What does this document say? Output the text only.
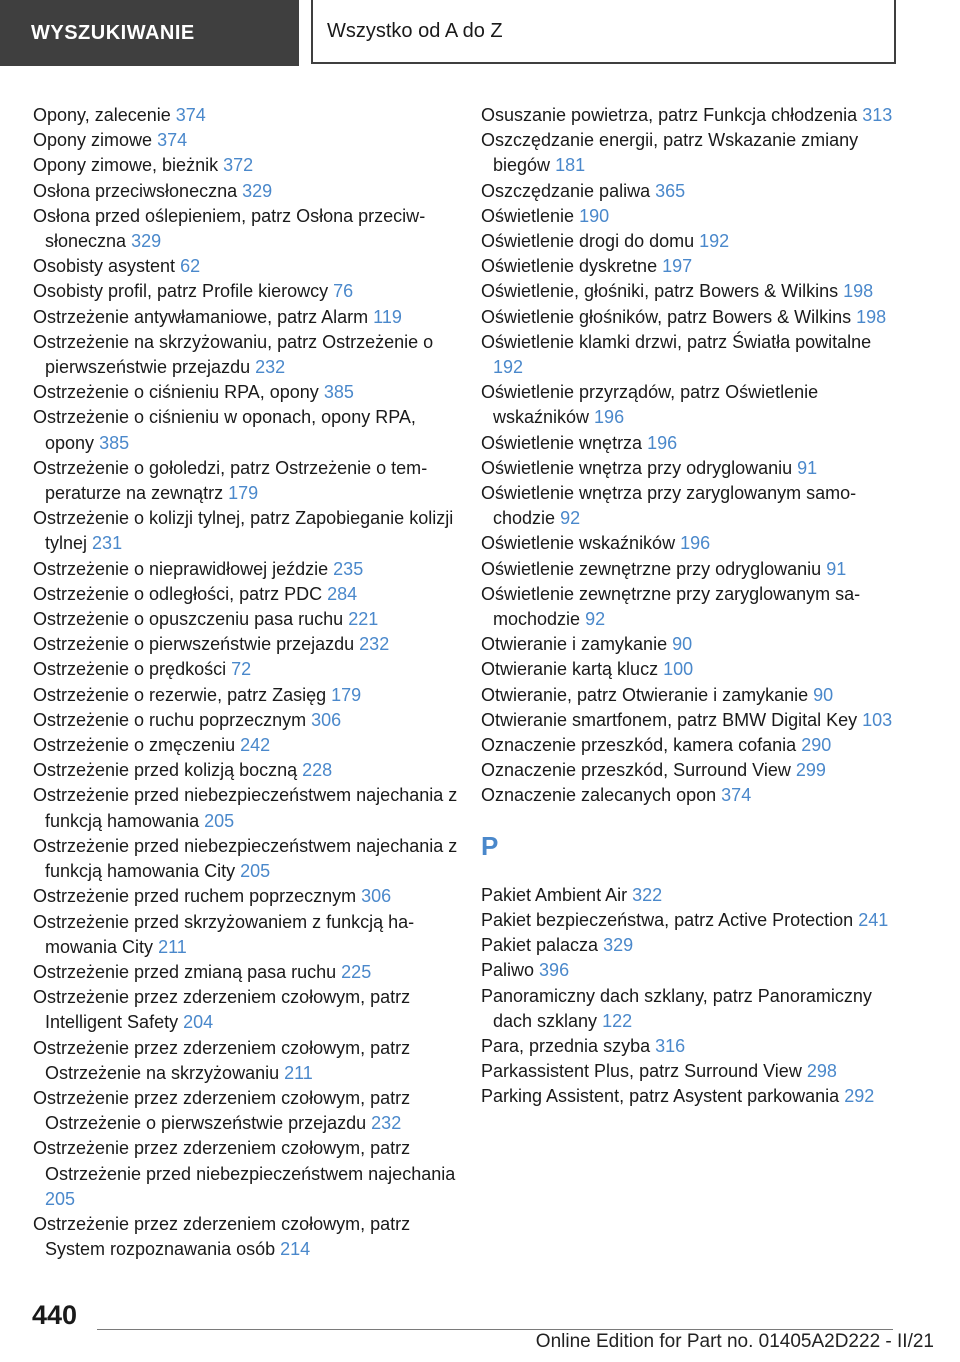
WYSZUKIWANIE	Wszystko od A do Z
Opony, zalecenie 374
Opony zimowe 374
Opony zimowe, bieżnik 372
Osłona przeciwsłoneczna 329
Osłona przed oślepieniem, patrz Osłona przeciwsłoneczna 329
Osobisty asystent 62
Osobisty profil, patrz Profile kierowcy 76
Ostrzeżenie antywłamaniowe, patrz Alarm 119
Ostrzeżenie na skrzyżowaniu, patrz Ostrzeżenie o pierwszeństwie przejazdu 232
Ostrzeżenie o ciśnieniu RPA, opony 385
Ostrzeżenie o ciśnieniu w oponach, opony RPA, opony 385
Ostrzeżenie o gołoledzi, patrz Ostrzeżenie o temperaturze na zewnątrz 179
Ostrzeżenie o kolizji tylnej, patrz Zapobieganie kolizji tylnej 231
Ostrzeżenie o nieprawidłowej jeździe 235
Ostrzeżenie o odległości, patrz PDC 284
Ostrzeżenie o opuszczeniu pasa ruchu 221
Ostrzeżenie o pierwszeństwie przejazdu 232
Ostrzeżenie o prędkości 72
Ostrzeżenie o rezerwie, patrz Zasięg 179
Ostrzeżenie o ruchu poprzecznym 306
Ostrzeżenie o zmęczeniu 242
Ostrzeżenie przed kolizją boczną 228
Ostrzeżenie przed niebezpieczeństwem najechania z funkcją hamowania 205
Ostrzeżenie przed niebezpieczeństwem najechania z funkcją hamowania City 205
Ostrzeżenie przed ruchem poprzecznym 306
Ostrzeżenie przed skrzyżowaniem z funkcją hamowania City 211
Ostrzeżenie przed zmianą pasa ruchu 225
Ostrzeżenie przez zderzeniem czołowym, patrz Intelligent Safety 204
Ostrzeżenie przez zderzeniem czołowym, patrz Ostrzeżenie na skrzyżowaniu 211
Ostrzeżenie przez zderzeniem czołowym, patrz Ostrzeżenie o pierwszeństwie przejazdu 232
Ostrzeżenie przez zderzeniem czołowym, patrz Ostrzeżenie przed niebezpieczeństwem najechania 205
Ostrzeżenie przez zderzeniem czołowym, patrz System rozpoznawania osób 214
Osuszanie powietrza, patrz Funkcja chłodzenia 313
Oszczędzanie energii, patrz Wskazanie zmiany biegów 181
Oszczędzanie paliwa 365
Oświetlenie 190
Oświetlenie drogi do domu 192
Oświetlenie dyskretne 197
Oświetlenie, głośniki, patrz Bowers & Wilkins 198
Oświetlenie głośników, patrz Bowers & Wilkins 198
Oświetlenie klamki drzwi, patrz Światła powitalne 192
Oświetlenie przyrządów, patrz Oświetlenie wskaźników 196
Oświetlenie wnętrza 196
Oświetlenie wnętrza przy odryglowaniu 91
Oświetlenie wnętrza przy zaryglowanym samochodzie 92
Oświetlenie wskaźników 196
Oświetlenie zewnętrzne przy odryglowaniu 91
Oświetlenie zewnętrzne przy zaryglowanym samochodzie 92
Otwieranie i zamykanie 90
Otwieranie kartą klucz 100
Otwieranie, patrz Otwieranie i zamykanie 90
Otwieranie smartfonem, patrz BMW Digital Key 103
Oznaczenie przeszkód, kamera cofania 290
Oznaczenie przeszkód, Surround View 299
Oznaczenie zalecanych opon 374
P
Pakiet Ambient Air 322
Pakiet bezpieczeństwa, patrz Active Protection 241
Pakiet palacza 329
Paliwo 396
Panoramiczny dach szklany, patrz Panoramiczny dach szklany 122
Para, przednia szyba 316
Parkassistent Plus, patrz Surround View 298
Parking Assistent, patrz Asystent parkowania 292
440
Online Edition for Part no. 01405A2D222 - II/21
